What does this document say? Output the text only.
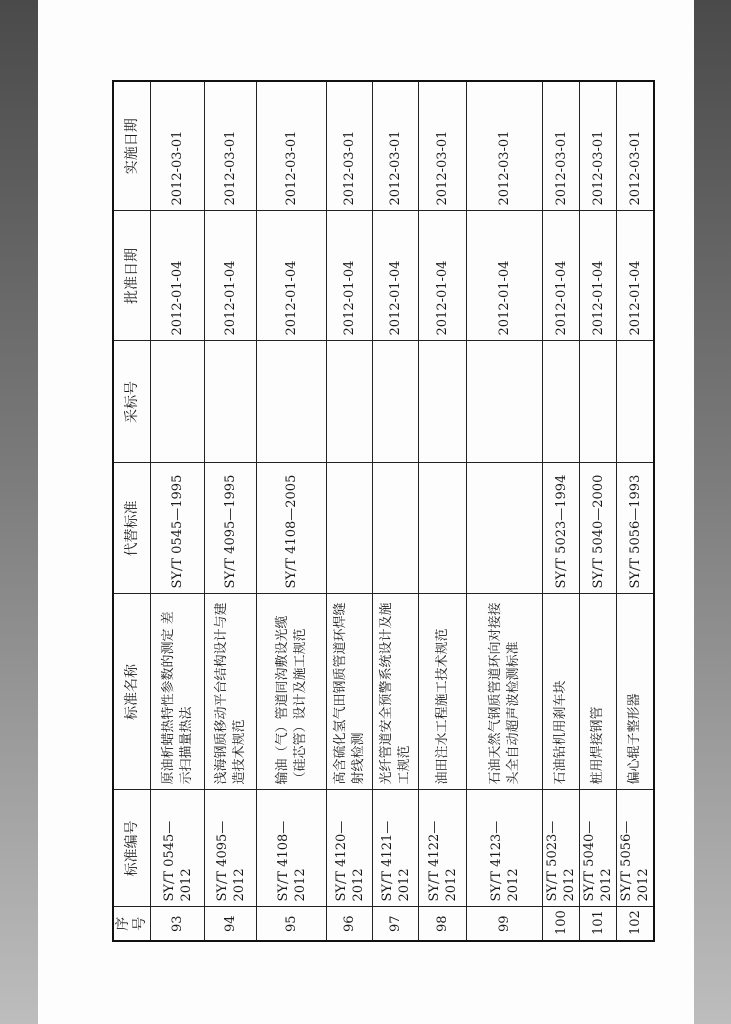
序号	标准编号	标准名称	代替标准	采标号	批准日期	实施日期
93	SY/T 0545—2012	原油析蜡热特性参数的测定 差示扫描量热法	SY/T 0545—1995		2012-01-04	2012-03-01
94	SY/T 4095—2012	浅海钢质移动平台结构设计与建造技术规范	SY/T 4095—1995		2012-01-04	2012-03-01
95	SY/T 4108—2012	输油（气）管道同沟敷设光缆（硅芯管）设计及施工规范	SY/T 4108—2005		2012-01-04	2012-03-01
96	SY/T 4120—2012	高含硫化氢气田钢质管道环焊缝射线检测			2012-01-04	2012-03-01
97	SY/T 4121—2012	光纤管道安全预警系统设计及施工规范			2012-01-04	2012-03-01
98	SY/T 4122—2012	油田注水工程施工技术规范			2012-01-04	2012-03-01
99	SY/T 4123—2012	石油天然气钢质管道环向对接接头全自动超声波检测标准			2012-01-04	2012-03-01
100	SY/T 5023—2012	石油钻机用刹车块	SY/T 5023—1994		2012-01-04	2012-03-01
101	SY/T 5040—2012	桩用焊接钢管	SY/T 5040—2000		2012-01-04	2012-03-01
102	SY/T 5056—2012	偏心辊子整形器	SY/T 5056—1993		2012-01-04	2012-03-01
